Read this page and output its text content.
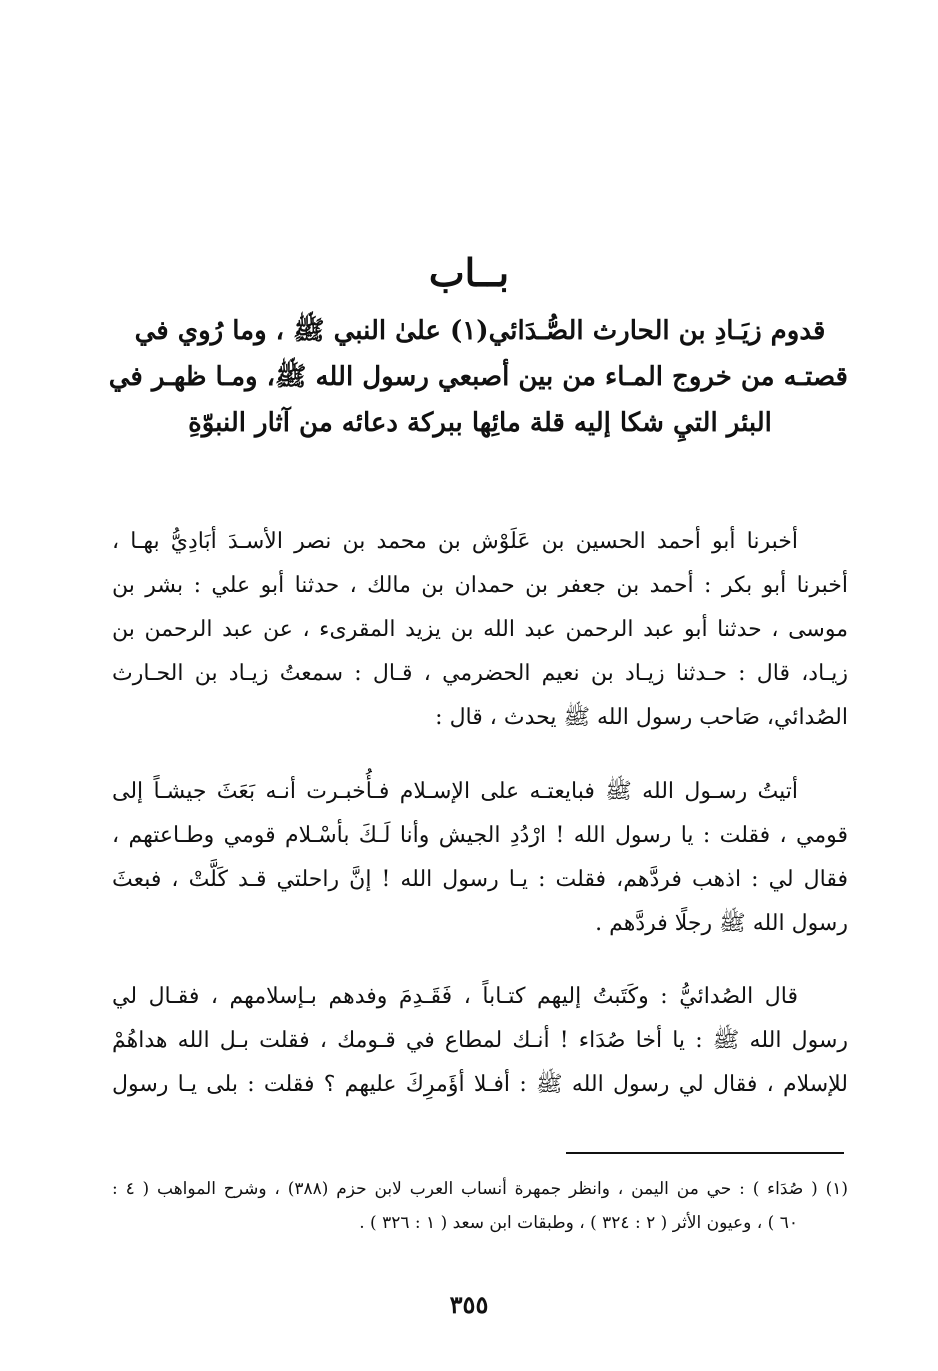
بــاب
قدوم زيَـادِ بن الحارث الصُّـدَائي(١) علىٰ النبي ﷺ ، وما رُوي في
قصتـه من خروج المـاء من بين أصبعي رسول الله ﷺ، ومـا ظهـر في
البئر التيِ شكا إليه قلة مائِها ببركة دعائه من آثار النبوّةِ
أخبرنا أبو أحمد الحسين بن عَلَوْش بن محمد بن نصر الأسـدَ أبَادِيُّ بهـا ،
أخبرنا أبو بكر : أحمد بن جعفر بن حمدان بن مالك ، حدثنا أبو علي : بشر بن
موسى ، حدثنا أبو عبد الرحمن عبد الله بن يزيد المقرىء ، عن عبد الرحمن بن
زيـاد، قال : حـدثنا زيـاد بن نعيم الحضرمي ، قـال : سمعتُ زيـاد بن الحـارث
الصُدائي، صَاحب رسول الله ﷺ يحدث ، قال :
أتيتُ رسـول الله ﷺ فبايعتـه على الإسـلام فـأُخبـرت أنـه بَعَثَ جيشـاً إلى
قومي ، فقلت : يا رسول الله ! ارْدُدِ الجيش وأنا لَـكَ بأسْـلام قومي وطـاعتهم ،
فقال لي : اذهب فردَّهم، فقلت : يـا رسول الله ! إنَّ راحلتي قـد كَلَّتْ ، فبعثَ
رسول الله ﷺ رجلًا فردَّهم .
قال الصُدائيُّ : وكَتَبتُ إليهم كتـاباً ، فَقَـدِمَ وفدهم بـإسلامهم ، فقـال لي
رسول الله ﷺ : يا أخا صُدَاء ! أنـك لمطاع في قـومك ، فقلت بـل الله هداهُمْ
للإسلام ، فقال لي رسول الله ﷺ : أفـلا أؤَمرِكَ عليهم ؟ فقلت : بلى يـا رسول
(١) ( صُدَاء ) : حي من اليمن ، وانظر جمهرة أنساب العرب لابن حزم (٣٨٨) ، وشرح المواهب ( ٤ :
٦٠ ) ، وعيون الأثر ( ٢ : ٣٢٤ ) ، وطبقات ابن سعد ( ١ : ٣٢٦ ) .
٣٥٥
